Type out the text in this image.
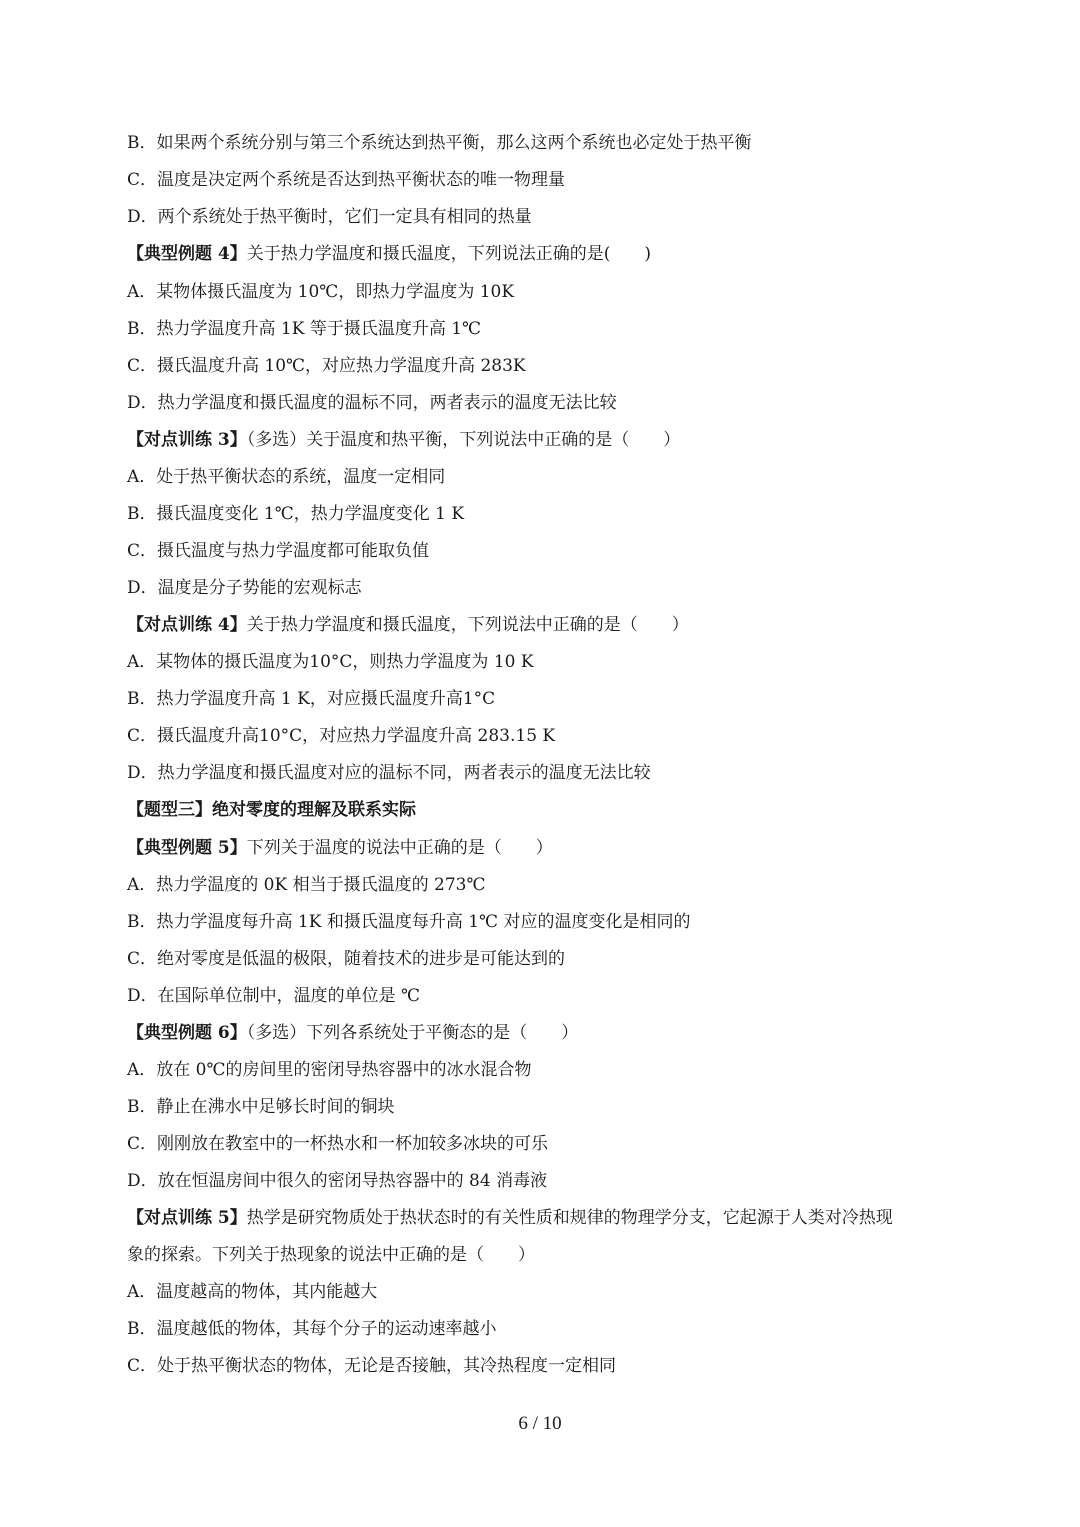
B．如果两个系统分别与第三个系统达到热平衡，那么这两个系统也必定处于热平衡
C．温度是决定两个系统是否达到热平衡状态的唯一物理量
D．两个系统处于热平衡时，它们一定具有相同的热量
【典型例题 4】关于热力学温度和摄氏温度，下列说法正确的是(　　)
A．某物体摄氏温度为 10℃，即热力学温度为 10K
B．热力学温度升高 1K 等于摄氏温度升高 1℃
C．摄氏温度升高 10℃，对应热力学温度升高 283K
D．热力学温度和摄氏温度的温标不同，两者表示的温度无法比较
【对点训练 3】（多选）关于温度和热平衡，下列说法中正确的是（　　）
A．处于热平衡状态的系统，温度一定相同
B．摄氏温度变化 1℃，热力学温度变化 1 K
C．摄氏温度与热力学温度都可能取负值
D．温度是分子势能的宏观标志
【对点训练 4】关于热力学温度和摄氏温度，下列说法中正确的是（　　）
A．某物体的摄氏温度为10°C，则热力学温度为 10 K
B．热力学温度升高 1 K，对应摄氏温度升高1°C
C．摄氏温度升高10°C，对应热力学温度升高 283.15 K
D．热力学温度和摄氏温度对应的温标不同，两者表示的温度无法比较
【题型三】绝对零度的理解及联系实际
【典型例题 5】下列关于温度的说法中正确的是（　　）
A．热力学温度的 0K 相当于摄氏温度的 273℃
B．热力学温度每升高 1K 和摄氏温度每升高 1℃ 对应的温度变化是相同的
C．绝对零度是低温的极限，随着技术的进步是可能达到的
D．在国际单位制中，温度的单位是 ℃
【典型例题 6】（多选）下列各系统处于平衡态的是（　　）
A．放在 0℃的房间里的密闭导热容器中的冰水混合物
B．静止在沸水中足够长时间的铜块
C．刚刚放在教室中的一杯热水和一杯加较多冰块的可乐
D．放在恒温房间中很久的密闭导热容器中的 84 消毒液
【对点训练 5】热学是研究物质处于热状态时的有关性质和规律的物理学分支，它起源于人类对冷热现
象的探索。下列关于热现象的说法中正确的是（　　）
A．温度越高的物体，其内能越大
B．温度越低的物体，其每个分子的运动速率越小
C．处于热平衡状态的物体，无论是否接触，其冷热程度一定相同
6 / 10
